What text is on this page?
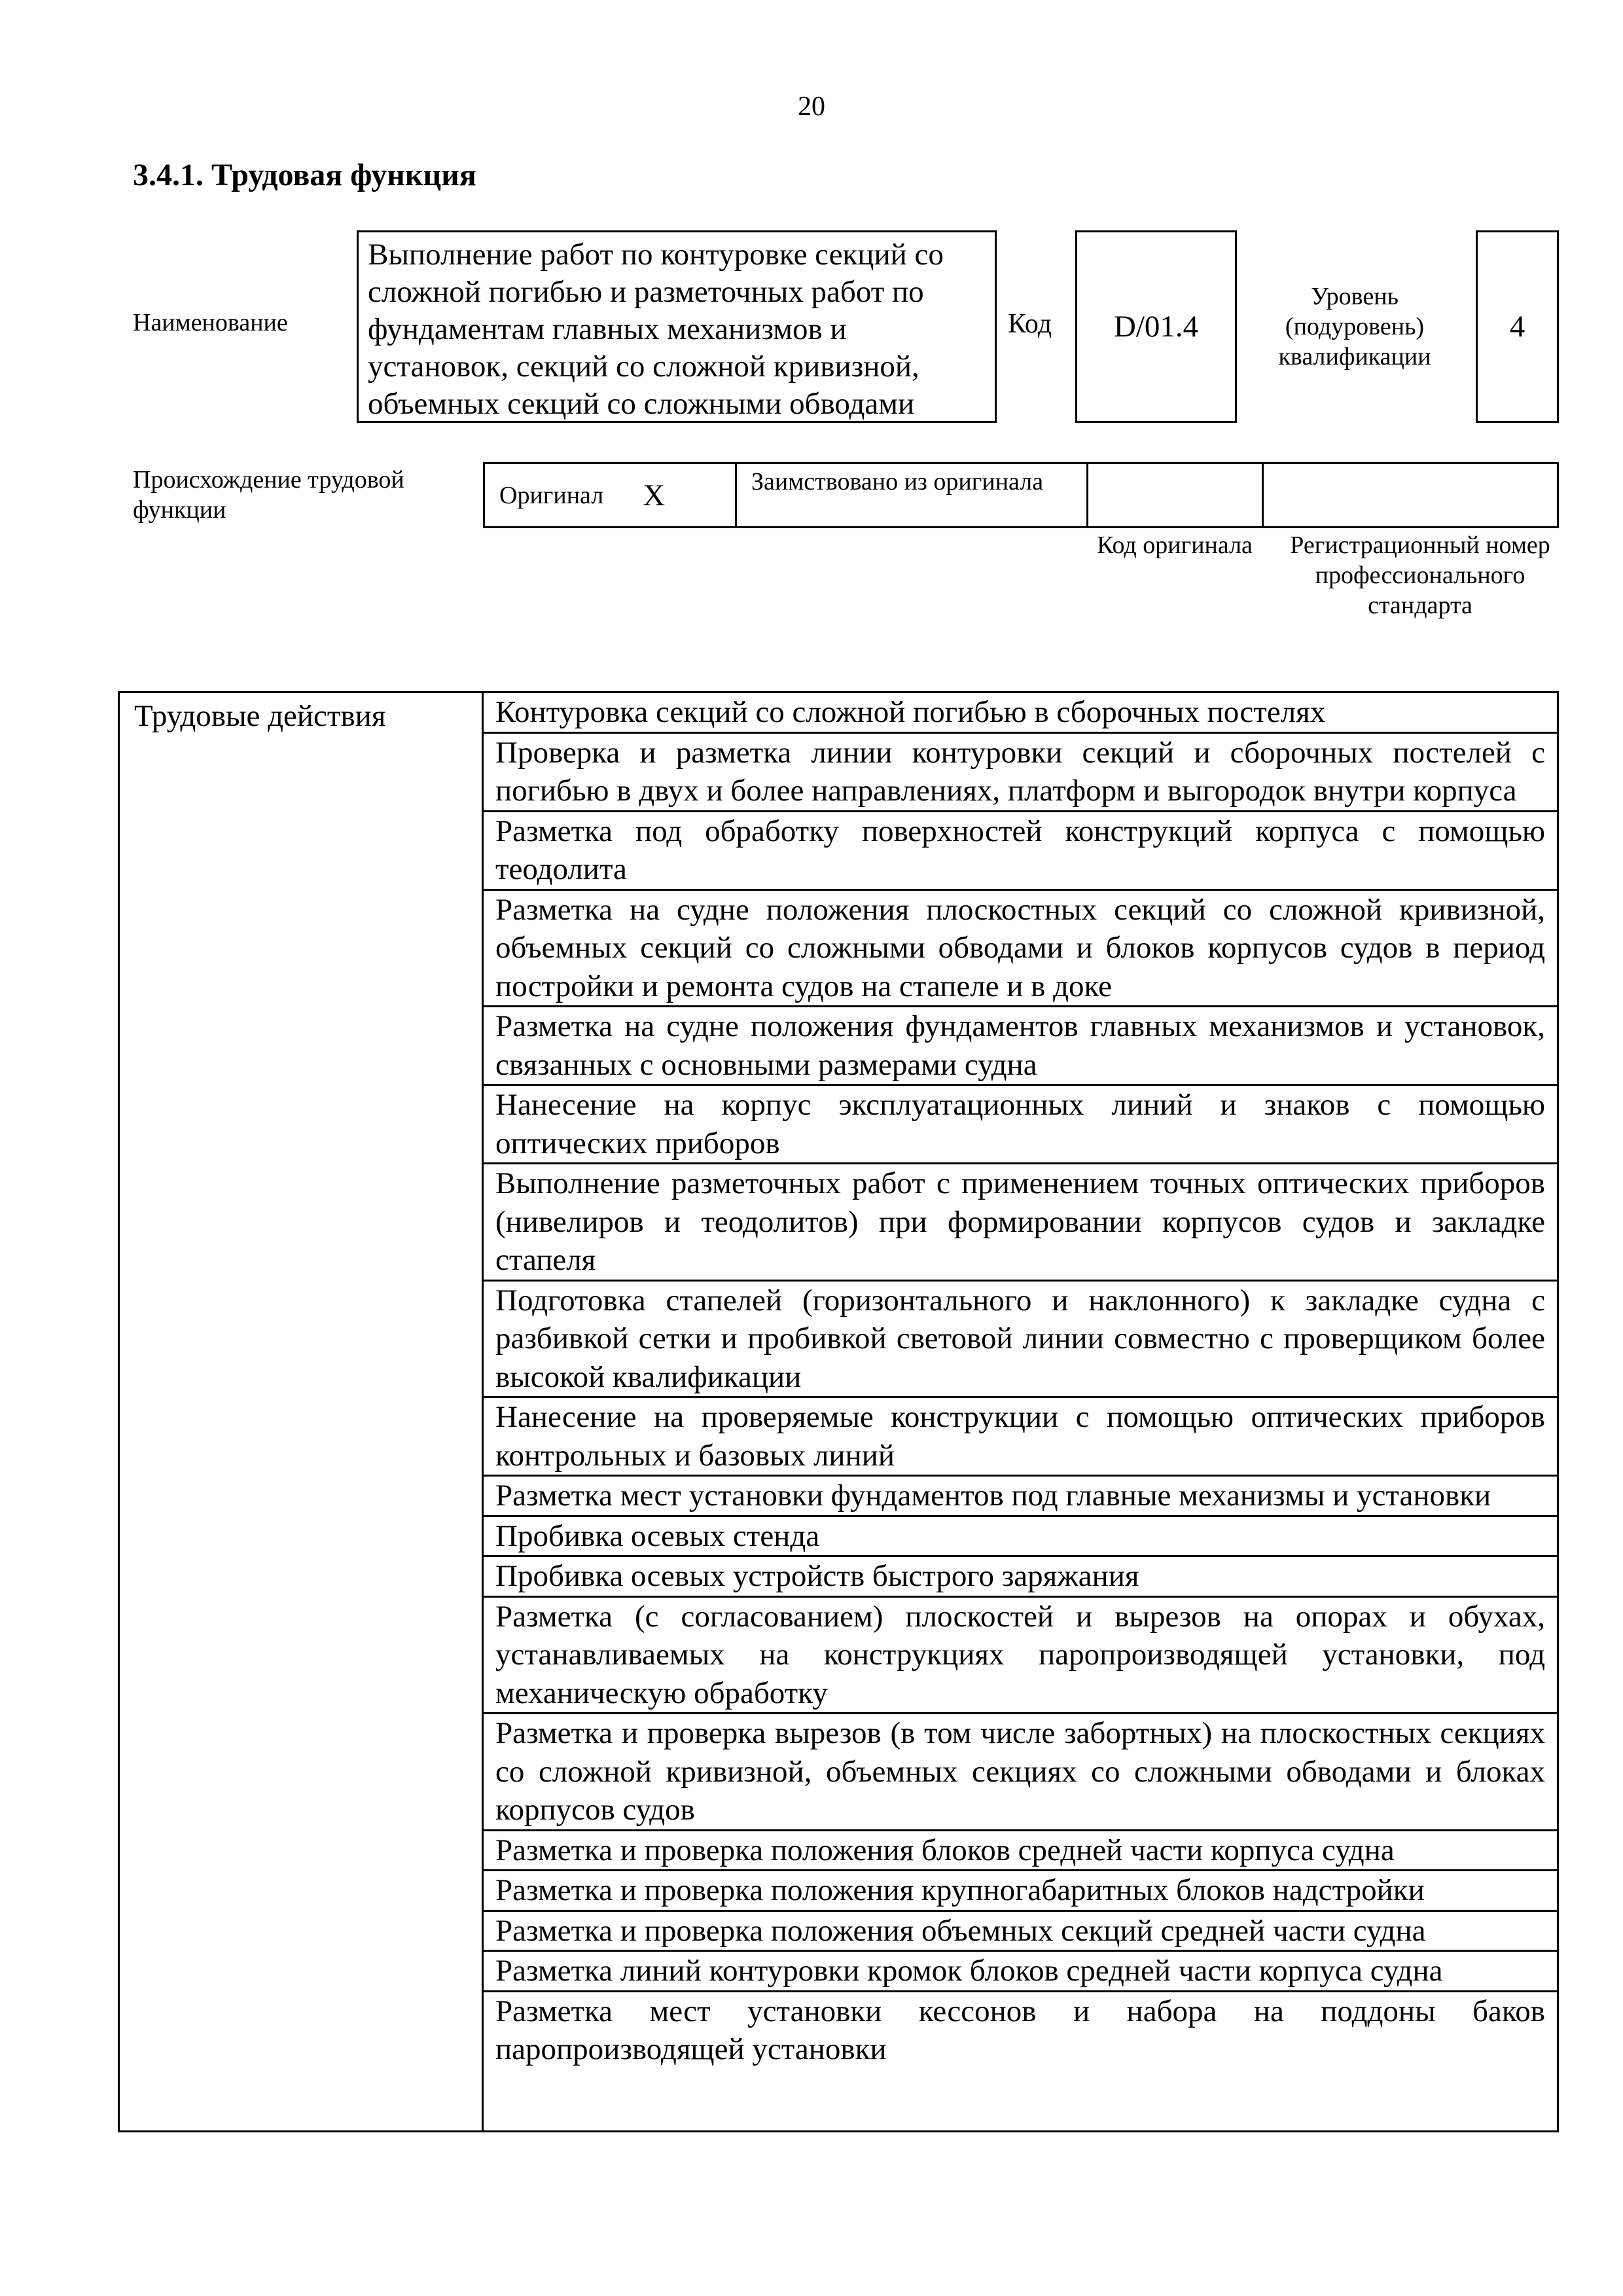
20
3.4.1. Трудовая функция
Наименование
Выполнение работ по контуровке секций со сложной погибью и разметочных работ по фундаментам главных механизмов и установок, секций со сложной кривизной, объемных секций со сложными обводами
Код D/01.4
Уровень (подуровень) квалификации
4
Происхождение трудовой функции
Оригинал X	Заимствовано из оригинала
Код оригинала	Регистрационный номер профессионального стандарта
Трудовые действия	Контуровка секций со сложной погибью в сборочных постелях
Проверка и разметка линии контуровки секций и сборочных постелей с погибью в двух и более направлениях, платформ и выгородок внутри корпуса
Разметка под обработку поверхностей конструкций корпуса с помощью теодолита
Разметка на судне положения плоскостных секций со сложной кривизной, объемных секций со сложными обводами и блоков корпусов судов в период постройки и ремонта судов на стапеле и в доке
Разметка на судне положения фундаментов главных механизмов и установок, связанных с основными размерами судна
Нанесение на корпус эксплуатационных линий и знаков с помощью оптических приборов
Выполнение разметочных работ с применением точных оптических приборов (нивелиров и теодолитов) при формировании корпусов судов и закладке стапеля
Подготовка стапелей (горизонтального и наклонного) к закладке судна с разбивкой сетки и пробивкой световой линии совместно с проверщиком более высокой квалификации
Нанесение на проверяемые конструкции с помощью оптических приборов контрольных и базовых линий
Разметка мест установки фундаментов под главные механизмы и установки
Пробивка осевых стенда
Пробивка осевых устройств быстрого заряжания
Разметка (с согласованием) плоскостей и вырезов на опорах и обухах, устанавливаемых на конструкциях паропроизводящей установки, под механическую обработку
Разметка и проверка вырезов (в том числе забортных) на плоскостных секциях со сложной кривизной, объемных секциях со сложными обводами и блоках корпусов судов
Разметка и проверка положения блоков средней части корпуса судна
Разметка и проверка положения крупногабаритных блоков надстройки
Разметка и проверка положения объемных секций средней части судна
Разметка линий контуровки кромок блоков средней части корпуса судна
Разметка мест установки кессонов и набора на поддоны баков паропроизводящей установки
